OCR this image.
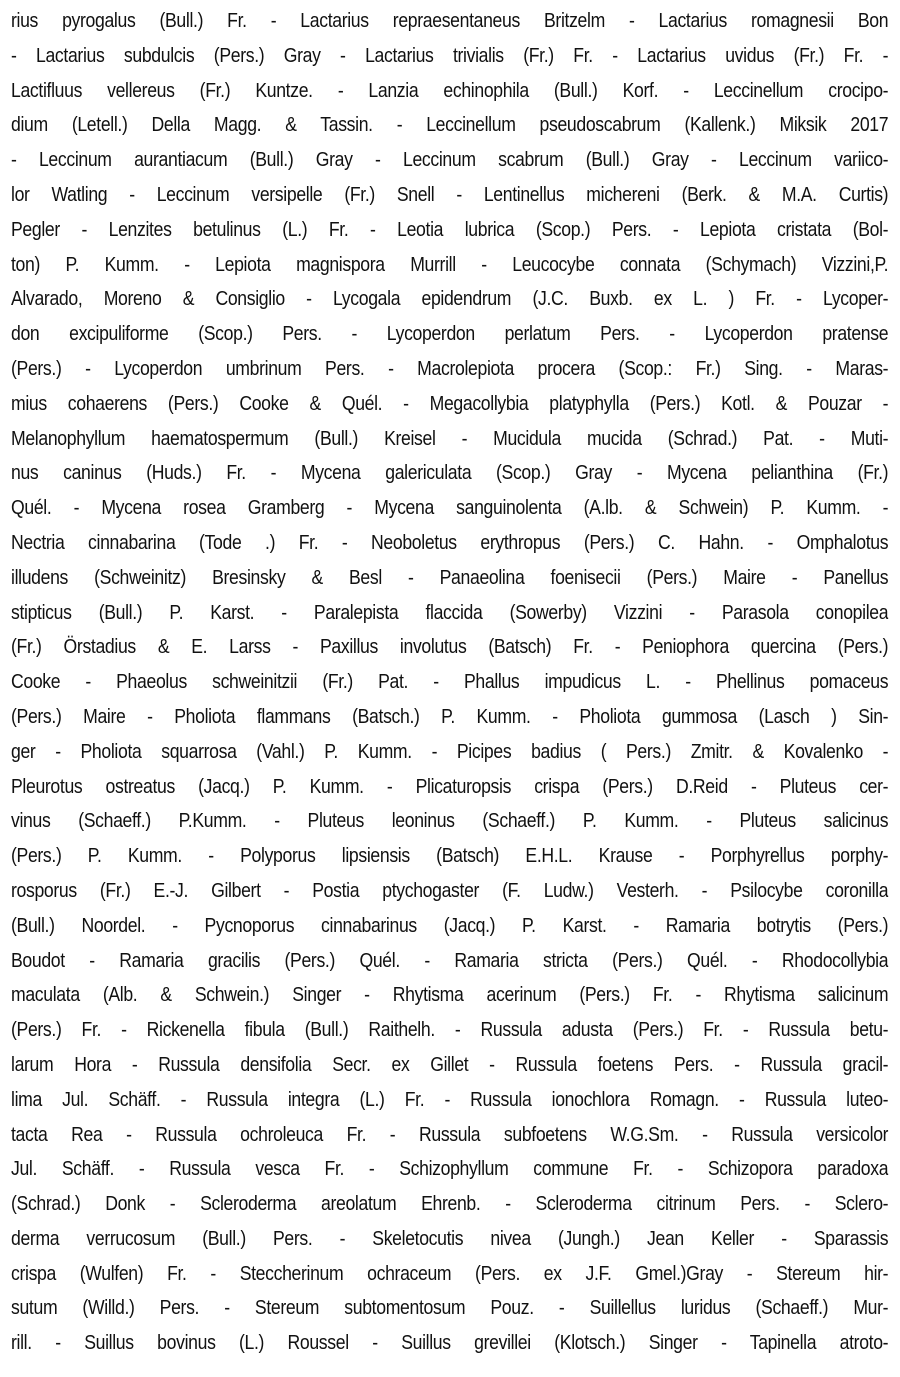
rius pyrogalus (Bull.) Fr. - Lactarius repraesentaneus Britzelm - Lactarius romagnesii Bon
- Lactarius subdulcis (Pers.) Gray - Lactarius trivialis (Fr.) Fr. - Lactarius uvidus (Fr.) Fr. -
Lactifluus vellereus (Fr.) Kuntze. - Lanzia echinophila (Bull.) Korf. - Leccinellum crocipo-
dium (Letell.) Della Magg. & Tassin. - Leccinellum pseudoscabrum (Kallenk.) Miksik 2017
- Leccinum aurantiacum (Bull.) Gray - Leccinum scabrum (Bull.) Gray - Leccinum variico-
lor Watling - Leccinum versipelle (Fr.) Snell - Lentinellus michereni (Berk. & M.A. Curtis)
Pegler - Lenzites betulinus (L.) Fr. - Leotia lubrica (Scop.) Pers. - Lepiota cristata (Bol-
ton) P. Kumm. - Lepiota magnispora Murrill - Leucocybe connata (Schymach) Vizzini,P.
Alvarado, Moreno & Consiglio - Lycogala epidendrum (J.C. Buxb. ex L. ) Fr. - Lycoper-
don excipuliforme (Scop.) Pers. - Lycoperdon perlatum Pers. - Lycoperdon pratense
(Pers.) - Lycoperdon umbrinum Pers. - Macrolepiota procera (Scop.: Fr.) Sing. - Maras-
mius cohaerens (Pers.) Cooke & Quél. - Megacollybia platyphylla (Pers.) Kotl. & Pouzar -
Melanophyllum haematospermum (Bull.) Kreisel - Mucidula mucida (Schrad.) Pat. - Muti-
nus caninus (Huds.) Fr. - Mycena galericulata (Scop.) Gray - Mycena pelianthina (Fr.)
Quél. - Mycena rosea Gramberg - Mycena sanguinolenta (A.lb. & Schwein) P. Kumm. -
Nectria cinnabarina (Tode .) Fr. - Neoboletus erythropus (Pers.) C. Hahn. - Omphalotus
illudens (Schweinitz) Bresinsky & Besl - Panaeolina foenisecii (Pers.) Maire - Panellus
stipticus (Bull.) P. Karst. - Paralepista flaccida (Sowerby) Vizzini - Parasola conopilea
(Fr.) Örstadius & E. Larss - Paxillus involutus (Batsch) Fr. - Peniophora quercina (Pers.)
Cooke - Phaeolus schweinitzii (Fr.) Pat. - Phallus impudicus L. - Phellinus pomaceus
(Pers.) Maire - Pholiota flammans (Batsch.) P. Kumm. - Pholiota gummosa (Lasch ) Sin-
ger - Pholiota squarrosa (Vahl.) P. Kumm. - Picipes badius ( Pers.) Zmitr. & Kovalenko -
Pleurotus ostreatus (Jacq.) P. Kumm. - Plicaturopsis crispa (Pers.) D.Reid - Pluteus cer-
vinus (Schaeff.) P.Kumm. - Pluteus leoninus (Schaeff.) P. Kumm. - Pluteus salicinus
(Pers.) P. Kumm. - Polyporus lipsiensis (Batsch) E.H.L. Krause - Porphyrellus porphy-
rosporus (Fr.) E.-J. Gilbert - Postia ptychogaster (F. Ludw.) Vesterh. - Psilocybe coronilla
(Bull.) Noordel. - Pycnoporus cinnabarinus (Jacq.) P. Karst. - Ramaria botrytis (Pers.)
Boudot - Ramaria gracilis (Pers.) Quél. - Ramaria stricta (Pers.) Quél. - Rhodocollybia
maculata (Alb. & Schwein.) Singer - Rhytisma acerinum (Pers.) Fr. - Rhytisma salicinum
(Pers.) Fr. - Rickenella fibula (Bull.) Raithelh. - Russula adusta (Pers.) Fr. - Russula betu-
larum Hora - Russula densifolia Secr. ex Gillet - Russula foetens Pers. - Russula gracil-
lima Jul. Schäff. - Russula integra (L.) Fr. - Russula ionochlora Romagn. - Russula luteo-
tacta Rea - Russula ochroleuca Fr. - Russula subfoetens W.G.Sm. - Russula versicolor
Jul. Schäff. - Russula vesca Fr. - Schizophyllum commune Fr. - Schizopora paradoxa
(Schrad.) Donk - Scleroderma areolatum Ehrenb. - Scleroderma citrinum Pers. - Sclero-
derma verrucosum (Bull.) Pers. - Skeletocutis nivea (Jungh.) Jean Keller - Sparassis
crispa (Wulfen) Fr. - Steccherinum ochraceum (Pers. ex J.F. Gmel.)Gray - Stereum hir-
sutum (Willd.) Pers. - Stereum subtomentosum Pouz. - Suillellus luridus (Schaeff.) Mur-
rill. - Suillus bovinus (L.) Roussel - Suillus grevillei (Klotsch.) Singer - Tapinella atroto-
